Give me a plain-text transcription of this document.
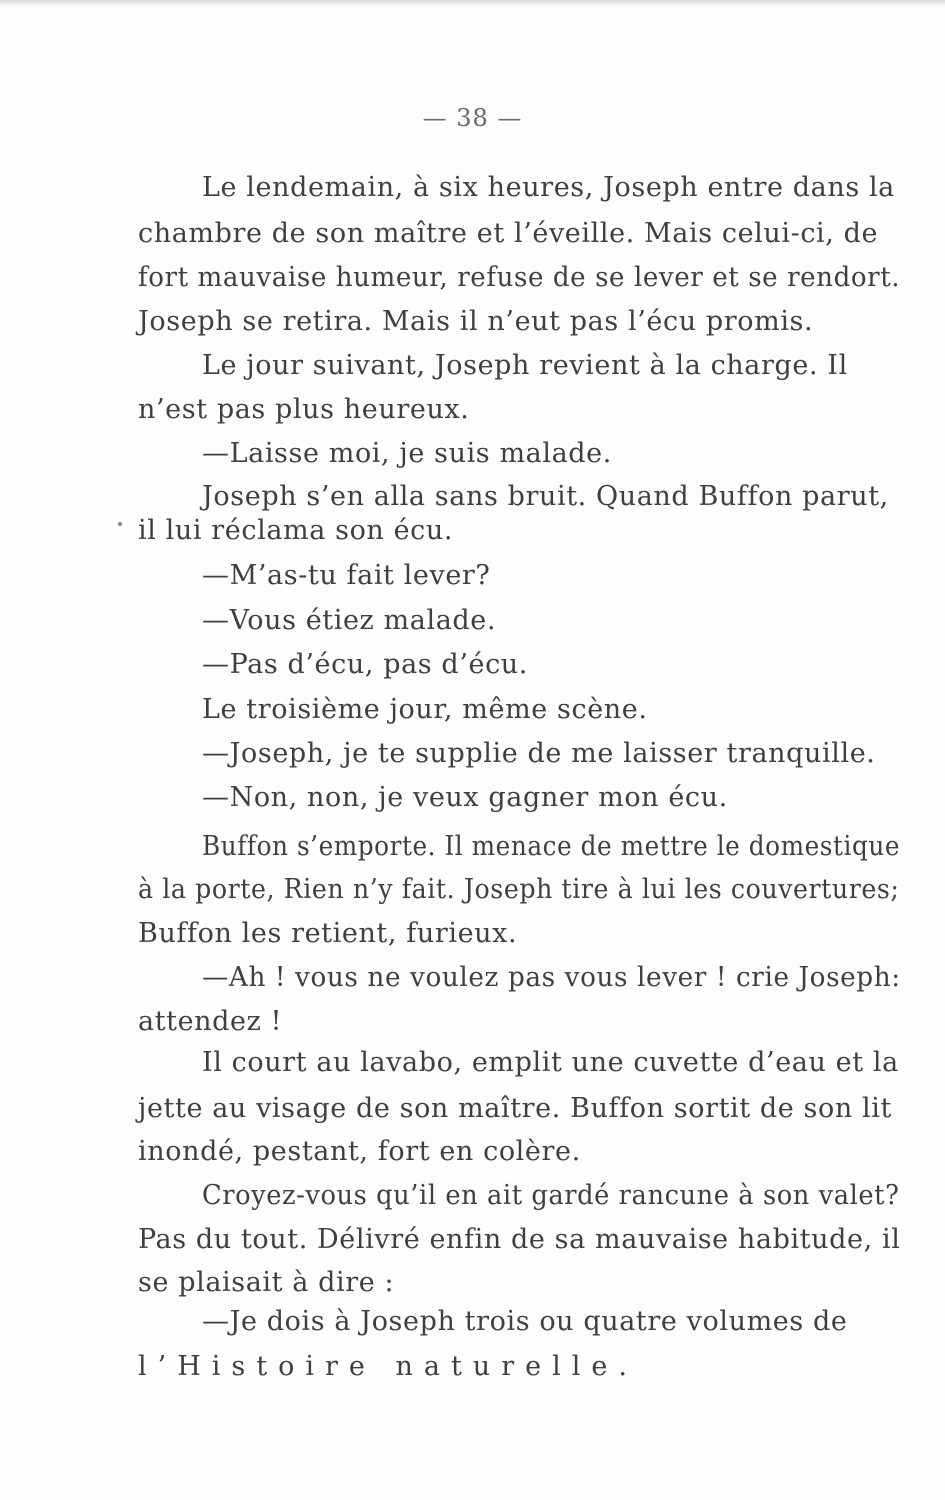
— 38 —
Le lendemain, à six heures, Joseph entre dans la
chambre de son maître et l’éveille. Mais celui-ci, de
fort mauvaise humeur, refuse de se lever et se rendort.
Joseph se retira. Mais il n’eut pas l’écu promis.
Le jour suivant, Joseph revient à la charge. Il
n’est pas plus heureux.
—Laisse moi, je suis malade.
Joseph s’en alla sans bruit. Quand Buffon parut,
il lui réclama son écu.
—M’as-tu fait lever?
—Vous étiez malade.
—Pas d’écu, pas d’écu.
Le troisième jour, même scène.
—Joseph, je te supplie de me laisser tranquille.
—Non, non, je veux gagner mon écu.
Buffon s’emporte. Il menace de mettre le domestique
à la porte, Rien n’y fait. Joseph tire à lui les couvertures;
Buffon les retient, furieux.
—Ah ! vous ne voulez pas vous lever ! crie Joseph:
attendez !
Il court au lavabo, emplit une cuvette d’eau et la
jette au visage de son maître. Buffon sortit de son lit
inondé, pestant, fort en colère.
Croyez-vous qu’il en ait gardé rancune à son valet?
Pas du tout. Délivré enfin de sa mauvaise habitude, il
se plaisait à dire :
—Je dois à Joseph trois ou quatre volumes de
l’Histoire naturelle.
